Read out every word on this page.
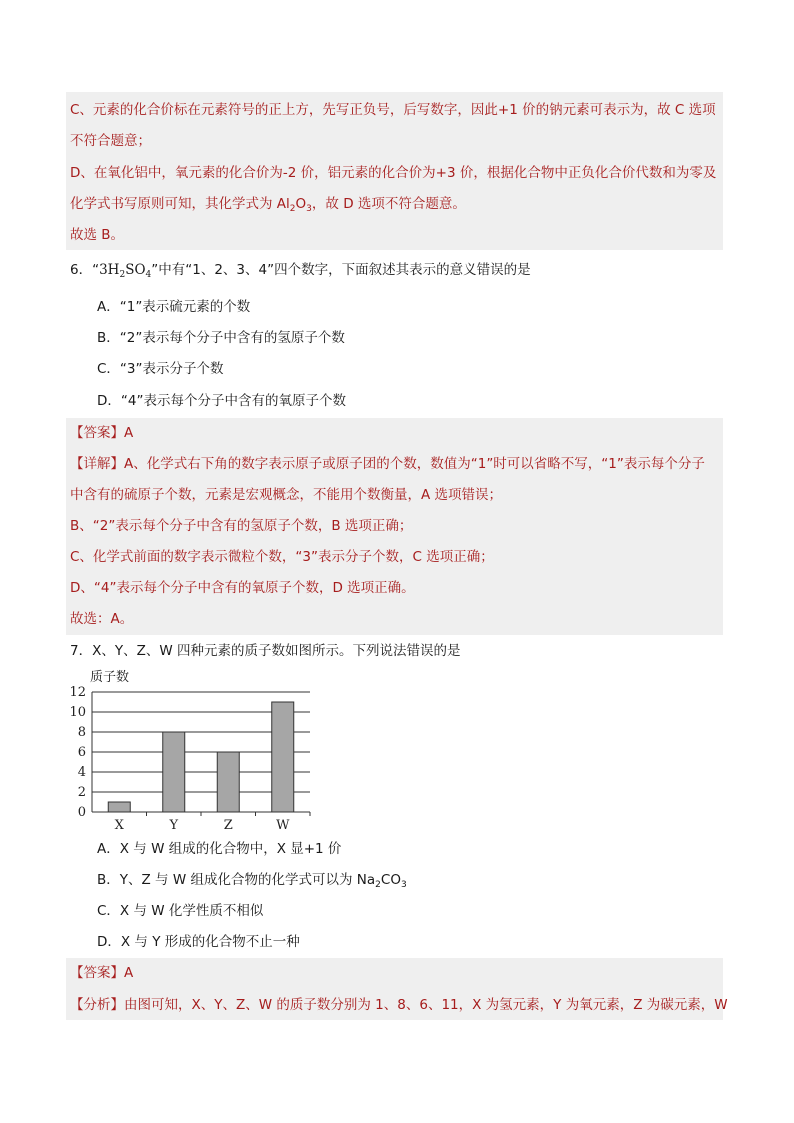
C、元素的化合价标在元素符号的正上方，先写正负号，后写数字，因此+1 价的钠元素可表示为，故 C 选项
不符合题意；
D、在氧化铝中，氧元素的化合价为-2 价，铝元素的化合价为+3 价，根据化合物中正负化合价代数和为零及
化学式书写原则可知，其化学式为 $Al_2O_3$，故 D 选项不符合题意。
故选 B。
6．“$3H_2SO_4$”中有“1、2、3、4”四个数字，下面叙述其表示的意义错误的是
A．“1”表示硫元素的个数
B．“2”表示每个分子中含有的氢原子个数
C．“3”表示分子个数
D．“4”表示每个分子中含有的氧原子个数
【答案】A
【详解】A、化学式右下角的数字表示原子或原子团的个数，数值为“1”时可以省略不写，“1”表示每个分子
中含有的硫原子个数，元素是宏观概念，不能用个数衡量，A 选项错误；
B、“2”表示每个分子中含有的氢原子个数，B 选项正确；
C、化学式前面的数字表示微粒个数，“3”表示分子个数，C 选项正确；
D、“4”表示每个分子中含有的氧原子个数，D 选项正确。
故选：A。
7．X、Y、Z、W 四种元素的质子数如图所示。下列说法错误的是
质子数
0
2
4
6
8
10
12
X	Y	Z	W
A．X 与 W 组成的化合物中，X 显+1 价
B．Y、Z 与 W 组成化合物的化学式可以为 $Na_2CO_3$
C．X 与 W 化学性质不相似
D．X 与 Y 形成的化合物不止一种
【答案】A
【分析】由图可知，X、Y、Z、W 的质子数分别为 1、8、6、11，X 为氢元素，Y 为氧元素，Z 为碳元素，W
